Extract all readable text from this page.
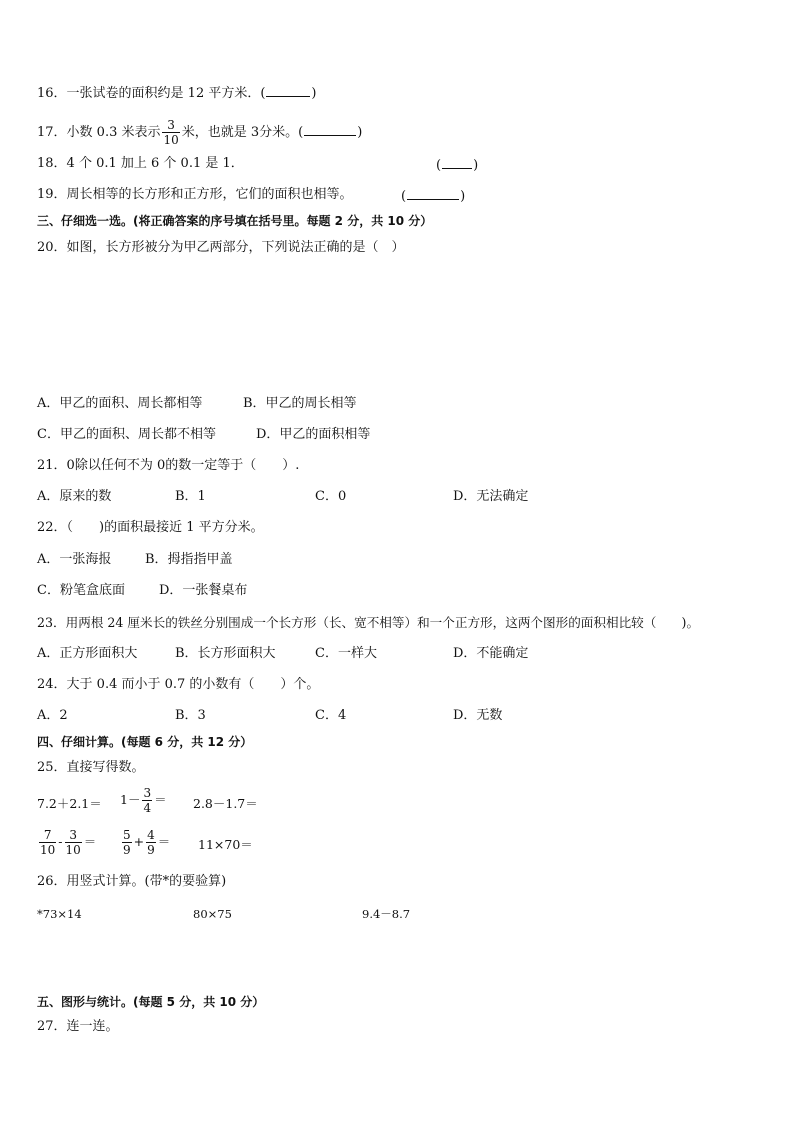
16．一张试卷的面积约是 12 平方米．(	)
17．小数 0.3 米表示 $\frac{3}{10}$ 米，也就是 3分米。(	)
18．4 个 0.1 加上 6 个 0.1 是 1．	( )
19．周长相等的长方形和正方形，它们的面积也相等。	(	)
三、仔细选一选。(将正确答案的序号填在括号里。每题 2 分，共 10 分）
20．如图，长方形被分为甲乙两部分，下列说法正确的是（　）
A．甲乙的面积、周长都相等	B．甲乙的周长相等
C．甲乙的面积、周长都不相等	D．甲乙的面积相等
21．0除以任何不为 0的数一定等于（　　）.
A．原来的数	B．1	C．0	D．无法确定
22．（　　)的面积最接近 1 平方分米。
A．一张海报	B．拇指指甲盖
C．粉笔盒底面	D．一张餐桌布
23．用两根 24 厘米长的铁丝分别围成一个长方形（长、宽不相等）和一个正方形，这两个图形的面积相比较（　　)。
A．正方形面积大	B．长方形面积大	C．一样大	D．不能确定
24．大于 0.4 而小于 0.7 的小数有（　　）个。
A．2	B．3	C．4	D．无数
四、仔细计算。(每题 6 分，共 12 分）
25．直接写得数。
$7.2+2.1= 1- \frac{3}{4} = 2.8-1.7=$
$\frac{7}{10} - \frac{3}{10} = \frac{5}{9} + \frac{4}{9} = 11\times 70=$
26．用竖式计算。(带*的要验算)
*73×14	80×75	9.4－8.7
五、图形与统计。(每题 5 分，共 10 分）
27．连一连。
